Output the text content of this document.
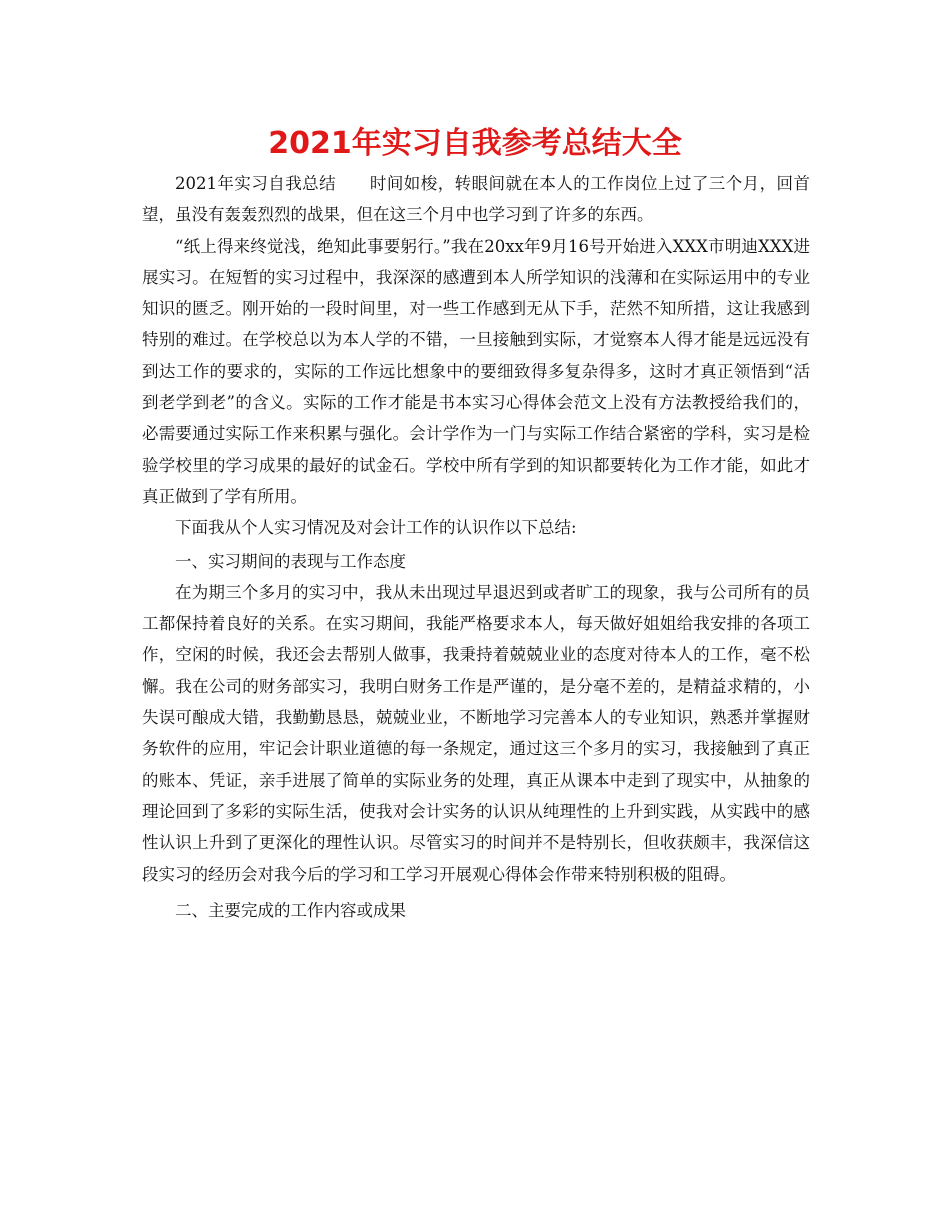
2021年实习自我参考总结大全

2021年实习自我总结　　时间如梭，转眼间就在本人的工作岗位上过了三个月，回首望，虽没有轰轰烈烈的战果，但在这三个月中也学习到了许多的东西。

“纸上得来终觉浅，绝知此事要躬行。”我在20xx年9月16号开始进入XXX市明迪XXX进展实习。在短暂的实习过程中，我深深的感遭到本人所学知识的浅薄和在实际运用中的专业知识的匮乏。刚开始的一段时间里，对一些工作感到无从下手，茫然不知所措，这让我感到特别的难过。在学校总以为本人学的不错，一旦接触到实际，才觉察本人得才能是远远没有到达工作的要求的，实际的工作远比想象中的要细致得多复杂得多，这时才真正领悟到“活到老学到老”的含义。实际的工作才能是书本实习心得体会范文上没有方法教授给我们的，必需要通过实际工作来积累与强化。会计学作为一门与实际工作结合紧密的学科，实习是检验学校里的学习成果的最好的试金石。学校中所有学到的知识都要转化为工作才能，如此才真正做到了学有所用。

下面我从个人实习情况及对会计工作的认识作以下总结:

一、实习期间的表现与工作态度

在为期三个多月的实习中，我从未出现过早退迟到或者旷工的现象，我与公司所有的员工都保持着良好的关系。在实习期间，我能严格要求本人，每天做好姐姐给我安排的各项工作，空闲的时候，我还会去帮别人做事，我秉持着兢兢业业的态度对待本人的工作，毫不松懈。我在公司的财务部实习，我明白财务工作是严谨的，是分毫不差的，是精益求精的，小失误可酿成大错，我勤勤恳恳，兢兢业业，不断地学习完善本人的专业知识，熟悉并掌握财务软件的应用，牢记会计职业道德的每一条规定，通过这三个多月的实习，我接触到了真正的账本、凭证，亲手进展了简单的实际业务的处理，真正从课本中走到了现实中，从抽象的理论回到了多彩的实际生活，使我对会计实务的认识从纯理性的上升到实践，从实践中的感性认识上升到了更深化的理性认识。尽管实习的时间并不是特别长，但收获颇丰，我深信这段实习的经历会对我今后的学习和工学习开展观心得体会作带来特别积极的阻碍。

二、主要完成的工作内容或成果
